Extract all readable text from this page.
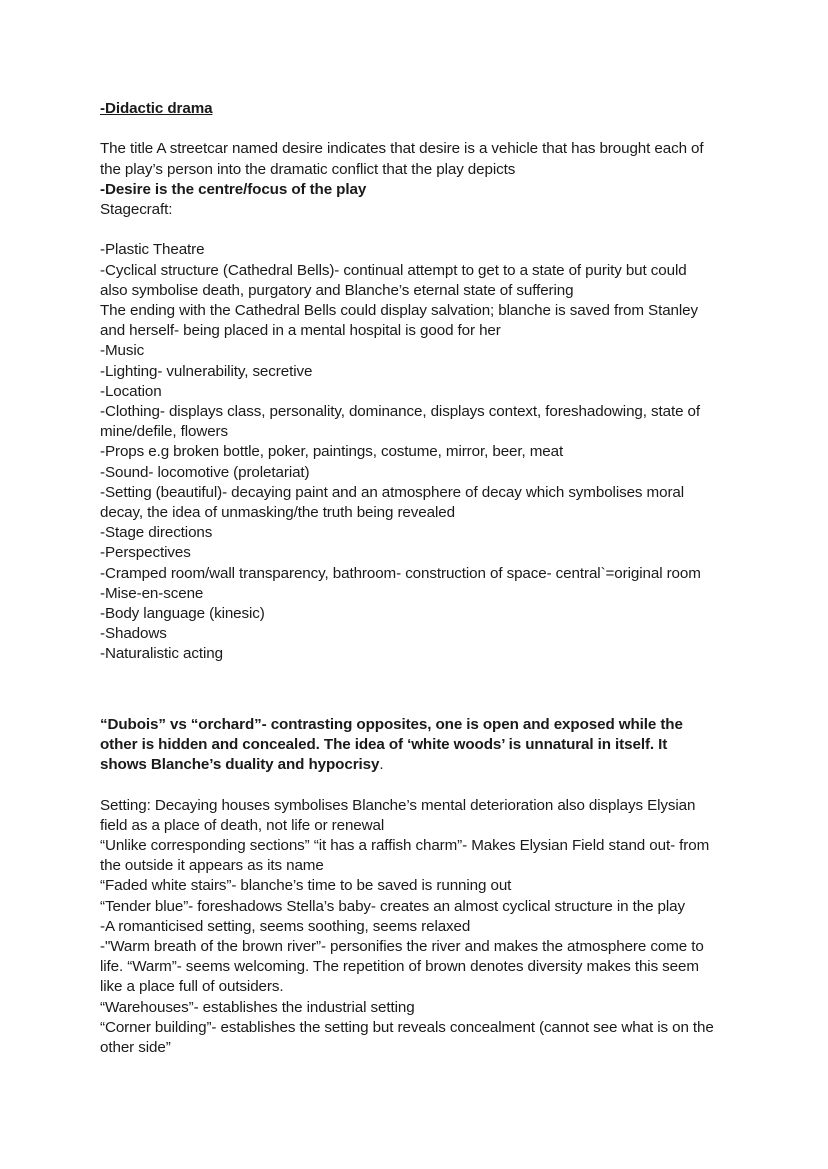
-Didactic drama

The title A streetcar named desire indicates that desire is a vehicle that has brought each of

the play’s person into the dramatic conflict that the play depicts

-Desire is the centre/focus of the play

Stagecraft:

-Plastic Theatre

-Cyclical structure (Cathedral Bells)- continual attempt to get to a state of purity but could

also symbolise death, purgatory and Blanche’s eternal state of suffering

The ending with the Cathedral Bells could display salvation; blanche is saved from Stanley

and herself- being placed in a mental hospital is good for her

-Music

-Lighting- vulnerability, secretive

-Location

-Clothing- displays class, personality, dominance, displays context, foreshadowing, state of

mine/defile, flowers

-Props e.g broken bottle, poker, paintings, costume, mirror, beer, meat

-Sound- locomotive (proletariat)

-Setting (beautiful)- decaying paint and an atmosphere of decay which symbolises moral

decay, the idea of unmasking/the truth being revealed

-Stage directions

-Perspectives

-Cramped room/wall transparency, bathroom- construction of space- central`=original room

-Mise-en-scene

-Body language (kinesic)

-Shadows

-Naturalistic acting

“Dubois” vs “orchard”- contrasting opposites, one is open and exposed while the

other is hidden and concealed. The idea of ‘white woods’ is unnatural in itself. It

shows Blanche’s duality and hypocrisy.

Setting: Decaying houses symbolises Blanche’s mental deterioration also displays Elysian

field as a place of death, not life or renewal

“Unlike corresponding sections” “it has a raffish charm”- Makes Elysian Field stand out- from

the outside it appears as its name

“Faded white stairs”- blanche’s time to be saved is running out

“Tender blue”- foreshadows Stella’s baby- creates an almost cyclical structure in the play

-A romanticised setting, seems soothing, seems relaxed

-"Warm breath of the brown river”- personifies the river and makes the atmosphere come to

life. “Warm”- seems welcoming. The repetition of brown denotes diversity makes this seem

like a place full of outsiders.

“Warehouses”- establishes the industrial setting

“Corner building”- establishes the setting but reveals concealment (cannot see what is on the

other side”
